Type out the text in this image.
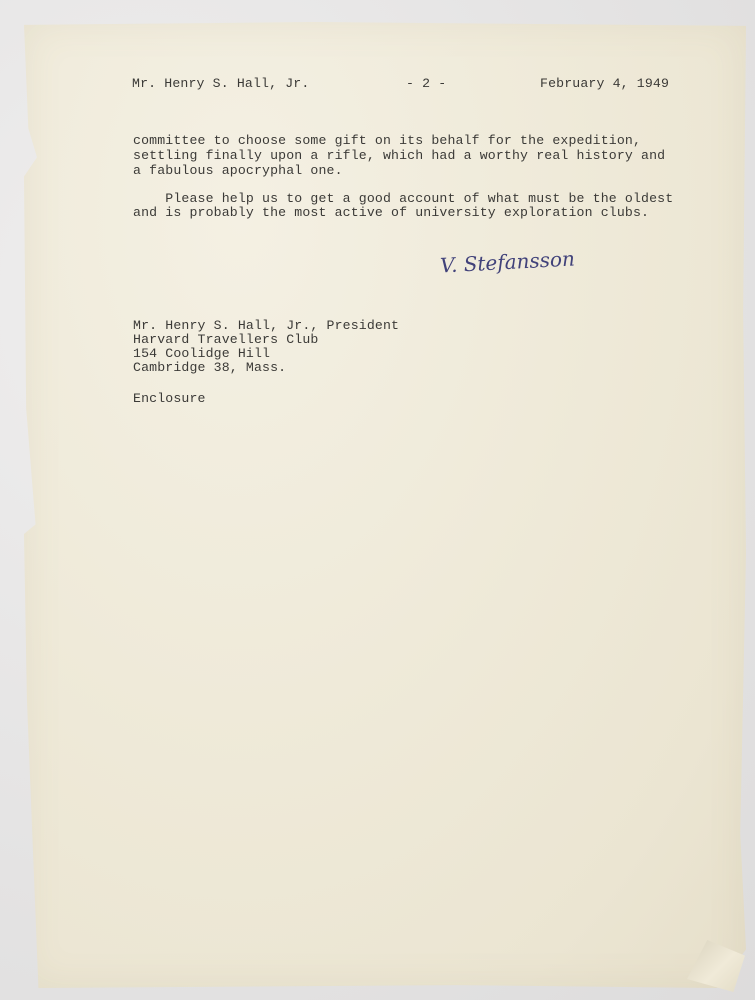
Mr. Henry S. Hall, Jr.	- 2 -	February 4, 1949
committee to choose some gift on its behalf for the expedition,
settling finally upon a rifle, which had a worthy real history and
a fabulous apocryphal one.
Please help us to get a good account of what must be the oldest
and is probably the most active of university exploration clubs.
V. Stefansson
Mr. Henry S. Hall, Jr., President
Harvard Travellers Club
154 Coolidge Hill
Cambridge 38, Mass.
Enclosure
